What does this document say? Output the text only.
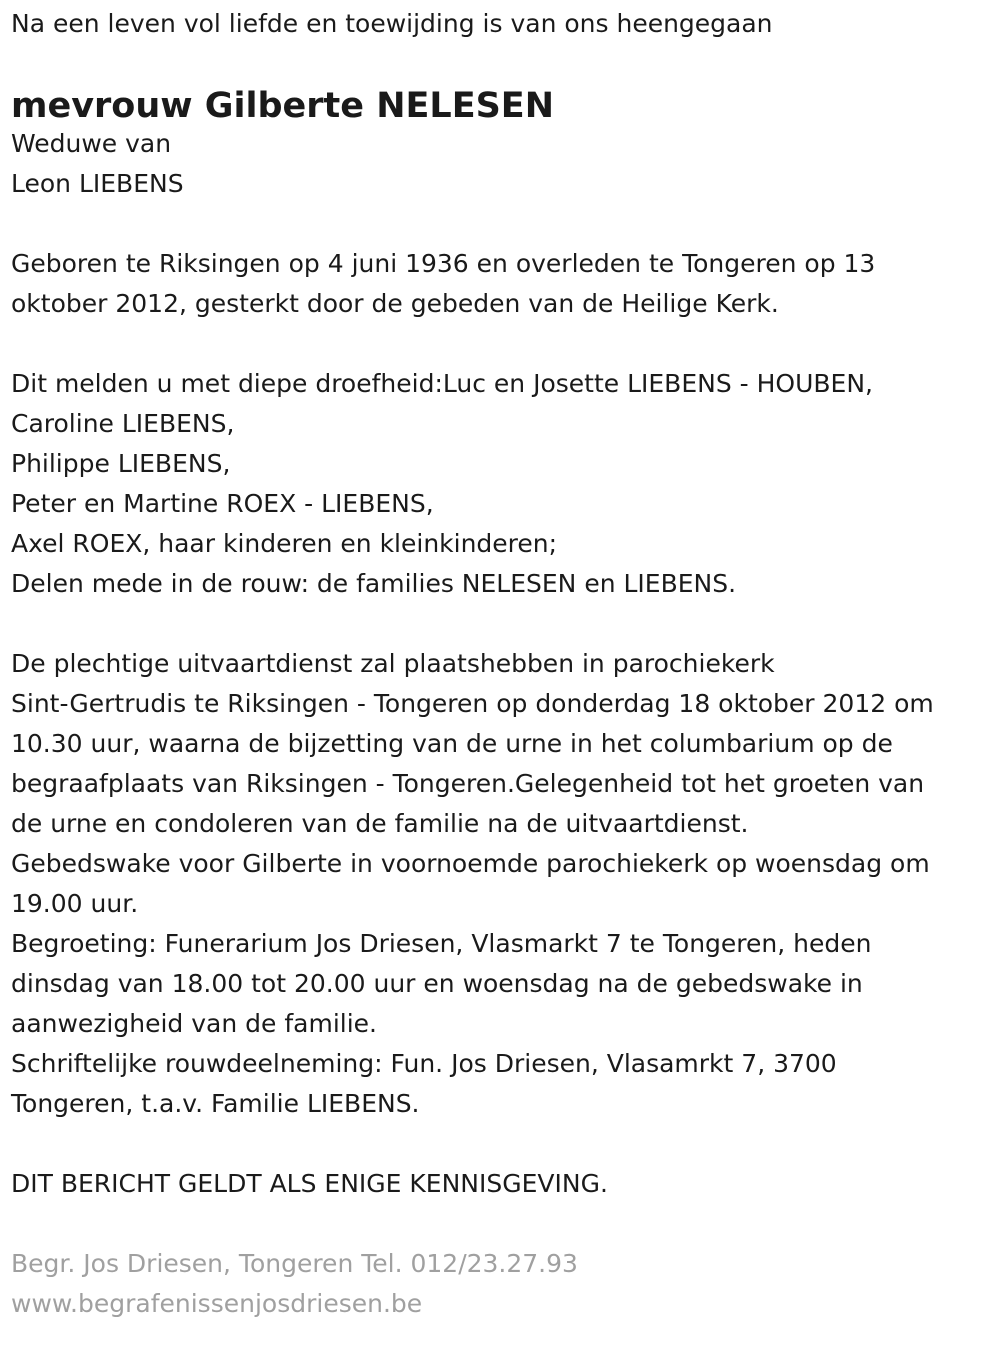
Na een leven vol liefde en toewijding is van ons heengegaan
mevrouw Gilberte NELESEN
Weduwe van
Leon LIEBENS
Geboren te Riksingen op 4 juni 1936 en overleden te Tongeren op 13
oktober 2012, gesterkt door de gebeden van de Heilige Kerk.
Dit melden u met diepe droefheid:Luc en Josette LIEBENS - HOUBEN,
Caroline LIEBENS,
Philippe LIEBENS,
Peter en Martine ROEX - LIEBENS,
Axel ROEX, haar kinderen en kleinkinderen;
Delen mede in de rouw: de families NELESEN en LIEBENS.
De plechtige uitvaartdienst zal plaatshebben in parochiekerk
Sint-Gertrudis te Riksingen - Tongeren op donderdag 18 oktober 2012 om
10.30 uur, waarna de bijzetting van de urne in het columbarium op de
begraafplaats van Riksingen - Tongeren.Gelegenheid tot het groeten van
de urne en condoleren van de familie na de uitvaartdienst.
Gebedswake voor Gilberte in voornoemde parochiekerk op woensdag om
19.00 uur.
Begroeting: Funerarium Jos Driesen, Vlasmarkt 7 te Tongeren, heden
dinsdag van 18.00 tot 20.00 uur en woensdag na de gebedswake in
aanwezigheid van de familie.
Schriftelijke rouwdeelneming: Fun. Jos Driesen, Vlasamrkt 7, 3700
Tongeren, t.a.v. Familie LIEBENS.
DIT BERICHT GELDT ALS ENIGE KENNISGEVING.
Begr. Jos Driesen, Tongeren Tel. 012/23.27.93
www.begrafenissenjosdriesen.be
